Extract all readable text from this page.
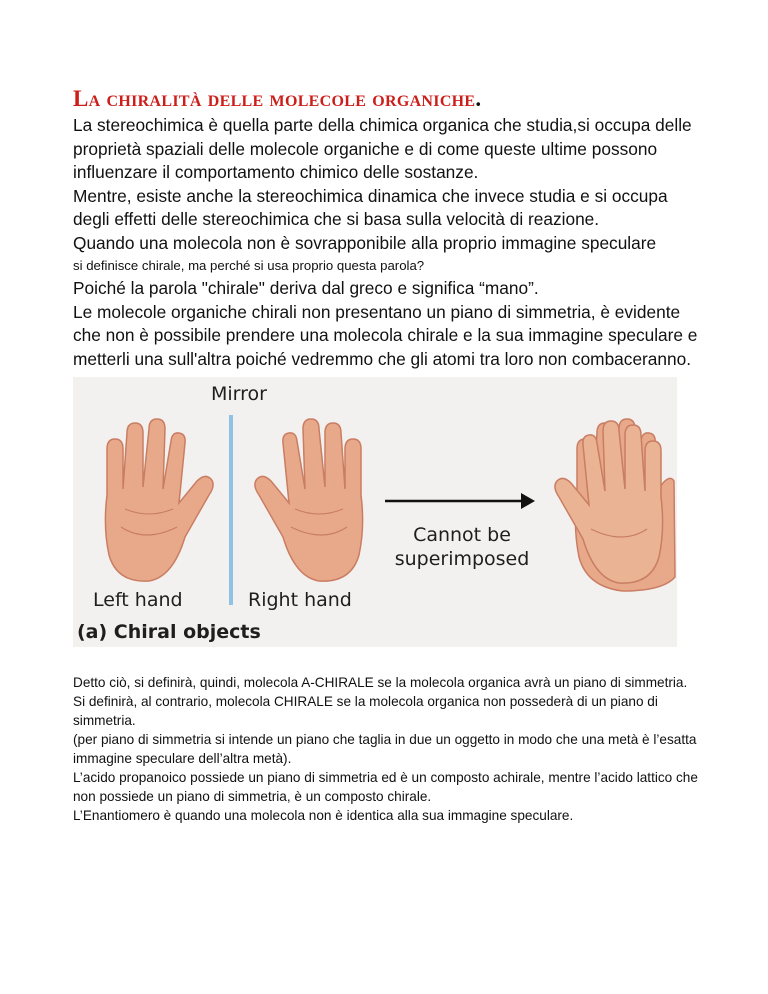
La chiralità delle molecole organiche.

La stereochimica è quella parte della chimica organica che studia,si occupa delle proprietà spaziali delle molecole organiche e di come queste ultime possono influenzare il comportamento chimico delle sostanze.

Mentre, esiste anche la stereochimica dinamica che invece studia e si occupa degli effetti delle stereochimica che si basa sulla velocità di reazione.

Quando una molecola non è sovrapponibile alla proprio immagine speculare

si definisce chirale, ma perché si usa proprio questa parola?

Poiché la parola "chirale" deriva dal greco e significa “mano”.

Le molecole organiche chirali non presentano un piano di simmetria, è evidente che non è possibile prendere una molecola chirale e la sua immagine speculare e metterli una sull'altra poiché vedremmo che gli atomi tra loro non combaceranno.

Mirror
Cannot be
superimposed
Left hand	Right hand
(a) Chiral objects

Detto ciò, si definirà, quindi, molecola A-CHIRALE se la molecola organica avrà un piano di simmetria.

Si definirà, al contrario, molecola CHIRALE se la molecola organica non possederà di un piano di simmetria.

(per piano di simmetria si intende un piano che taglia in due un oggetto in modo che una metà è l’esatta immagine speculare dell’altra metà).

L’acido propanoico possiede un piano di simmetria ed è un composto achirale, mentre l’acido lattico che non possiede un piano di simmetria, è un composto chirale.

L’Enantiomero è quando una molecola non è identica alla sua immagine speculare.
